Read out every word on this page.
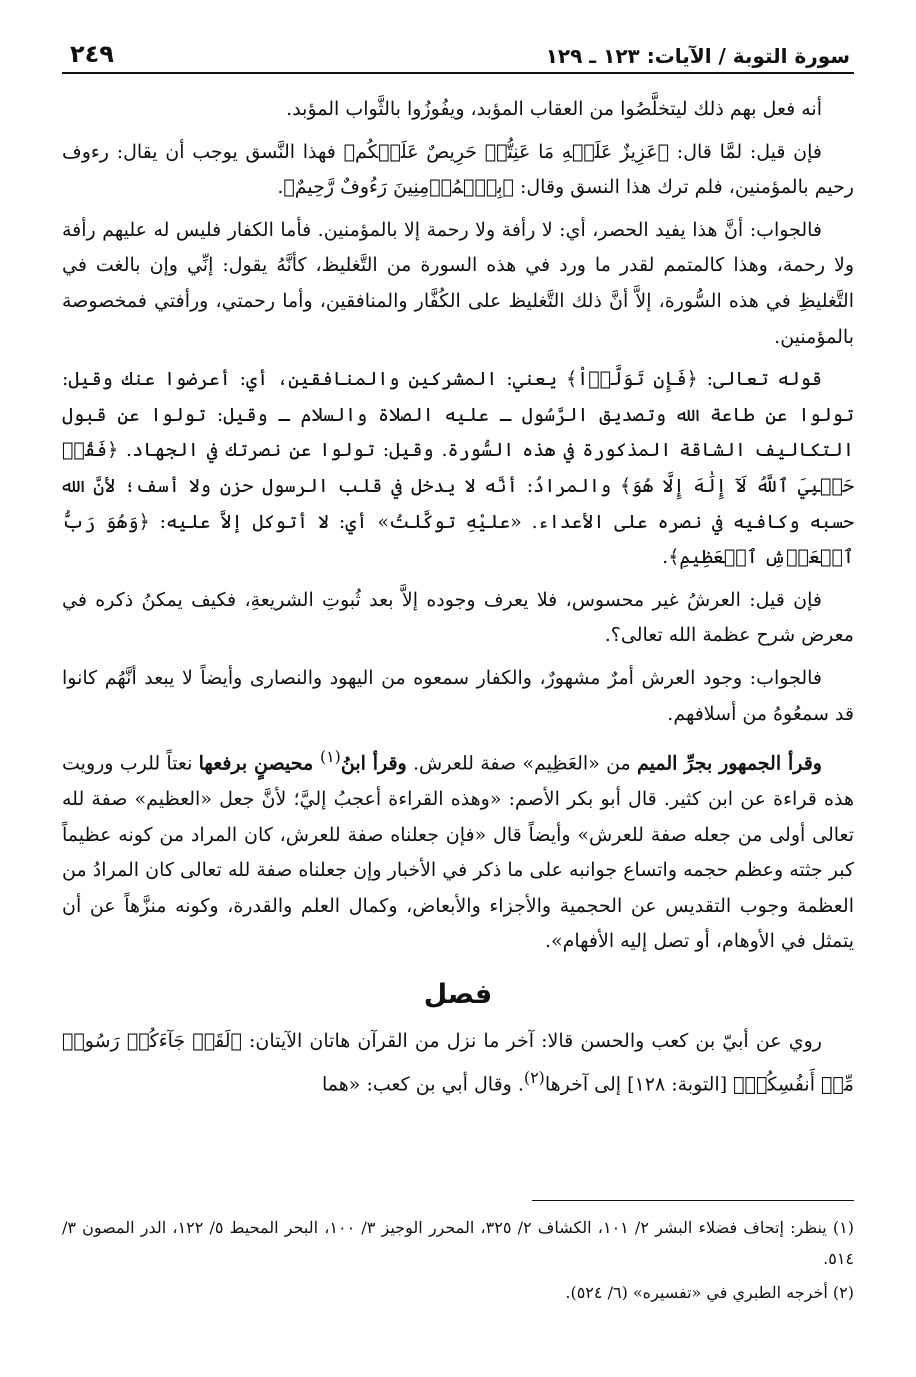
٢٤٩	سورة التوبة / الآيات: ١٢٣ ـ ١٢٩

أنه فعل بهم ذلك ليتخلَّصُوا من العقاب المؤبد، ويفُوزُوا بالثَّواب المؤبد.

فإن قيل: لمَّا قال: ﴿عَزِيزٌ عَلَيۡهِ مَا عَنِتُّمۡ حَرِيصٌ عَلَيۡكُم﴾ فهذا النَّسق يوجب أن يقال: رءوف رحيم بالمؤمنين، فلم ترك هذا النسق وقال: ﴿بِٱلۡمُؤۡمِنِينَ رَءُوفٌ رَّحِيمٌ﴾.

فالجواب: أنَّ هذا يفيد الحصر، أي: لا رأفة ولا رحمة إلا بالمؤمنين. فأما الكفار فليس له عليهم رأفة ولا رحمة، وهذا كالمتمم لقدر ما ورد في هذه السورة من التَّغليظ، كأنَّهُ يقول: إنِّي وإن بالغت في التَّغليظِ في هذه السُّورة، إلاَّ أنَّ ذلك التَّغليظ على الكُفَّار والمنافقين، وأما رحمتي، ورأفتي فمخصوصة بالمؤمنين.

قوله تعالى: ﴿فَإِن تَوَلَّوۡاْ﴾ يعني: المشركين والمنافقين، أي: أعرضوا عنك وقيل: تولوا عن طاعة الله وتصديق الرَّسُول ـ عليه الصلاة والسلام ـ وقيل: تولوا عن قبول التكاليف الشاقة المذكورة في هذه السُّورة. وقيل: تولوا عن نصرتك في الجهاد. ﴿فَقُلۡ حَسۡبِيَ ٱللَّهُ لَآ إِلَٰهَ إِلَّا هُوَ﴾ والمرادُ: أنَّه لا يدخل في قلب الرسول حزن ولا أسف؛ لأنَّ الله حسبه وكافيه في نصره على الأعداء. «عليْهِ توكَّلتُ» أي: لا أتوكل إلاَّ عليه: ﴿وَهُوَ رَبُّ ٱلۡعَرۡشِ ٱلۡعَظِيمِ﴾.

فإن قيل: العرشُ غير محسوس، فلا يعرف وجوده إلاَّ بعد ثُبوتِ الشريعةِ، فكيف يمكنُ ذكره في معرض شرح عظمة الله تعالى؟.

فالجواب: وجود العرش أمرٌ مشهورٌ، والكفار سمعوه من اليهود والنصارى وأيضاً لا يبعد أنَّهُم كانوا قد سمعُوهُ من أسلافهم.

وقرأ الجمهور بجرِّ الميم من «العَظِيم» صفة للعرش. وقرأ ابنُ$^{(١)}$ محيصنٍ برفعها نعتاً للرب ورويت هذه قراءة عن ابن كثير. قال أبو بكر الأصم: «وهذه القراءة أعجبُ إليَّ؛ لأنَّ جعل «العظيم» صفة لله تعالى أولى من جعله صفة للعرش» وأيضاً قال «فإن جعلناه صفة للعرش، كان المراد من كونه عظيماً كبر جثته وعظم حجمه واتساع جوانبه على ما ذكر في الأخبار وإن جعلناه صفة لله تعالى كان المرادُ من العظمة وجوب التقديس عن الحجمية والأجزاء والأبعاض، وكمال العلم والقدرة، وكونه منزَّهاً عن أن يتمثل في الأوهام، أو تصل إليه الأفهام».

فصل

روي عن أبيّ بن كعب والحسن قالا: آخر ما نزل من القرآن هاتان الآيتان: ﴿لَقَدۡ جَآءَكُمۡ رَسُولٞ مِّنۡ أَنفُسِكُمۡ﴾ [التوبة: ١٢٨] إلى آخرها$^{(٢)}$. وقال أبي بن كعب: «هما

(١) ينظر: إتحاف فضلاء البشر ٢/ ١٠١، الكشاف ٢/ ٣٢٥، المحرر الوجيز ٣/ ١٠٠، البحر المحيط ٥/ ١٢٢، الدر المصون ٣/ ٥١٤.

(٢) أخرجه الطبري في «تفسيره» (٦/ ٥٢٤).
